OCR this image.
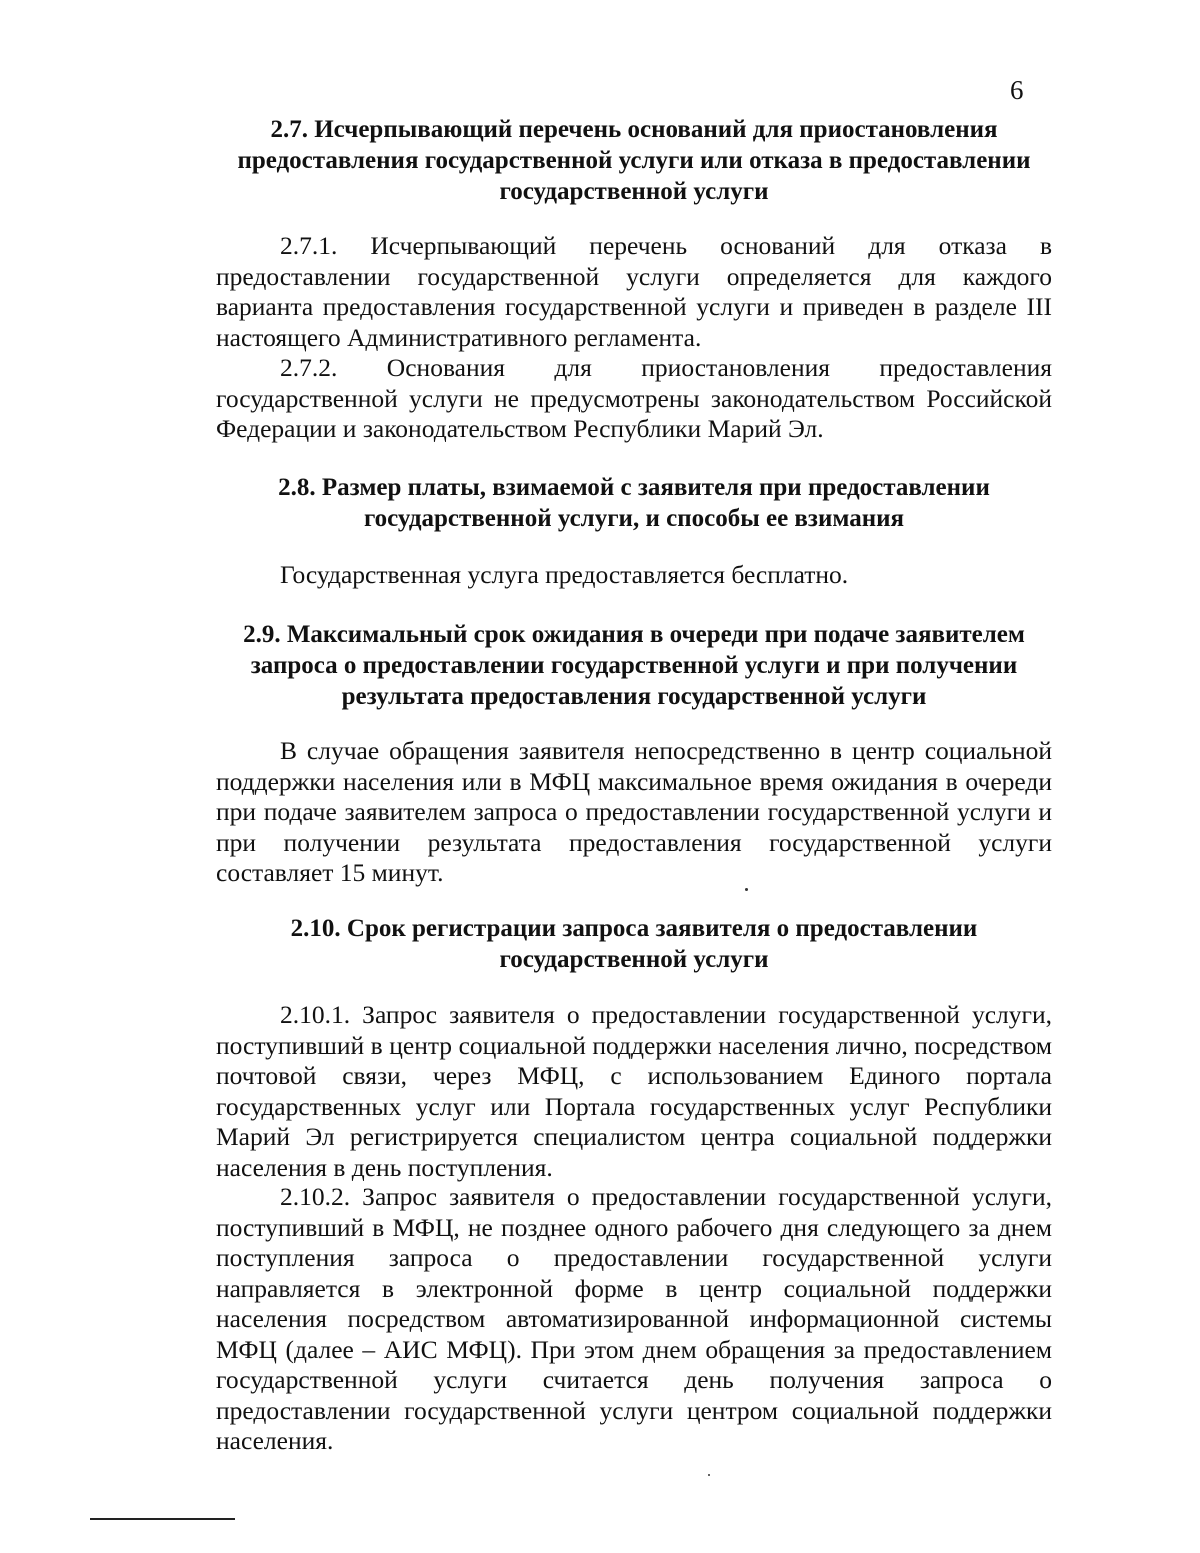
6
2.7. Исчерпывающий перечень оснований для приостановления предоставления государственной услуги или отказа в предоставлении государственной услуги

2.7.1. Исчерпывающий перечень оснований для отказа в предоставлении государственной услуги определяется для каждого варианта предоставления государственной услуги и приведен в разделе III настоящего Административного регламента.

2.7.2. Основания для приостановления предоставления государственной услуги не предусмотрены законодательством Российской Федерации и законодательством Республики Марий Эл.

2.8. Размер платы, взимаемой с заявителя при предоставлении государственной услуги, и способы ее взимания

Государственная услуга предоставляется бесплатно.

2.9. Максимальный срок ожидания в очереди при подаче заявителем запроса о предоставлении государственной услуги и при получении результата предоставления государственной услуги

В случае обращения заявителя непосредственно в центр социальной поддержки населения или в МФЦ максимальное время ожидания в очереди при подаче заявителем запроса о предоставлении государственной услуги и при получении результата предоставления государственной услуги составляет 15 минут.

2.10. Срок регистрации запроса заявителя о предоставлении государственной услуги

2.10.1. Запрос заявителя о предоставлении государственной услуги, поступивший в центр социальной поддержки населения лично, посредством почтовой связи, через МФЦ, с использованием Единого портала государственных услуг или Портала государственных услуг Республики Марий Эл регистрируется специалистом центра социальной поддержки населения в день поступления.

2.10.2. Запрос заявителя о предоставлении государственной услуги, поступивший в МФЦ, не позднее одного рабочего дня следующего за днем поступления запроса о предоставлении государственной услуги направляется в электронной форме в центр социальной поддержки населения посредством автоматизированной информационной системы МФЦ (далее – АИС МФЦ). При этом днем обращения за предоставлением государственной услуги считается день получения запроса о предоставлении государственной услуги центром социальной поддержки населения.
